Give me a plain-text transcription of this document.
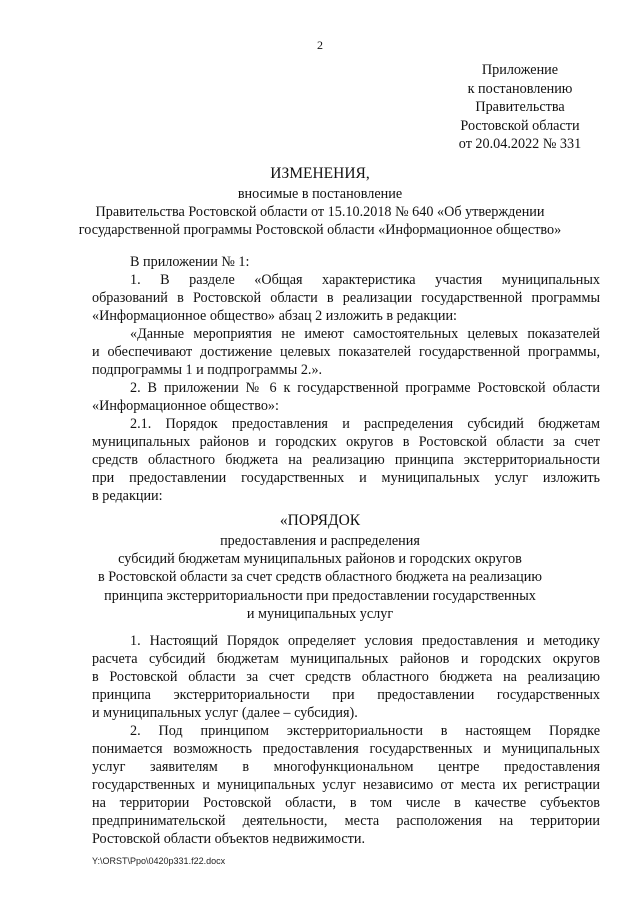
2
Приложение
к постановлению
Правительства
Ростовской области
от 20.04.2022 № 331
ИЗМЕНЕНИЯ,
вносимые в постановление
Правительства Ростовской области от 15.10.2018 № 640 «Об утверждении
государственной программы Ростовской области «Информационное общество»
В приложении № 1:
1. В разделе «Общая характеристика участия муниципальных
образований в Ростовской области в реализации государственной программы
«Информационное общество» абзац 2 изложить в редакции:
«Данные мероприятия не имеют самостоятельных целевых показателей
и обеспечивают достижение целевых показателей государственной программы,
подпрограммы 1 и подпрограммы 2.».
2. В приложении № 6 к государственной программе Ростовской области
«Информационное общество»:
2.1. Порядок предоставления и распределения субсидий бюджетам
муниципальных районов и городских округов в Ростовской области за счет
средств областного бюджета на реализацию принципа экстерриториальности
при предоставлении государственных и муниципальных услуг изложить
в редакции:
«ПОРЯДОК
предоставления и распределения
субсидий бюджетам муниципальных районов и городских округов
в Ростовской области за счет средств областного бюджета на реализацию
принципа экстерриториальности при предоставлении государственных
и муниципальных услуг
1. Настоящий Порядок определяет условия предоставления и методику
расчета субсидий бюджетам муниципальных районов и городских округов
в Ростовской области за счет средств областного бюджета на реализацию
принципа экстерриториальности при предоставлении государственных
и муниципальных услуг (далее – субсидия).
2. Под принципом экстерриториальности в настоящем Порядке
понимается возможность предоставления государственных и муниципальных
услуг заявителям в многофункциональном центре предоставления
государственных и муниципальных услуг независимо от места их регистрации
на территории Ростовской области, в том числе в качестве субъектов
предпринимательской деятельности, места расположения на территории
Ростовской области объектов недвижимости.
Y:\ORST\Ppo\0420p331.f22.docx
